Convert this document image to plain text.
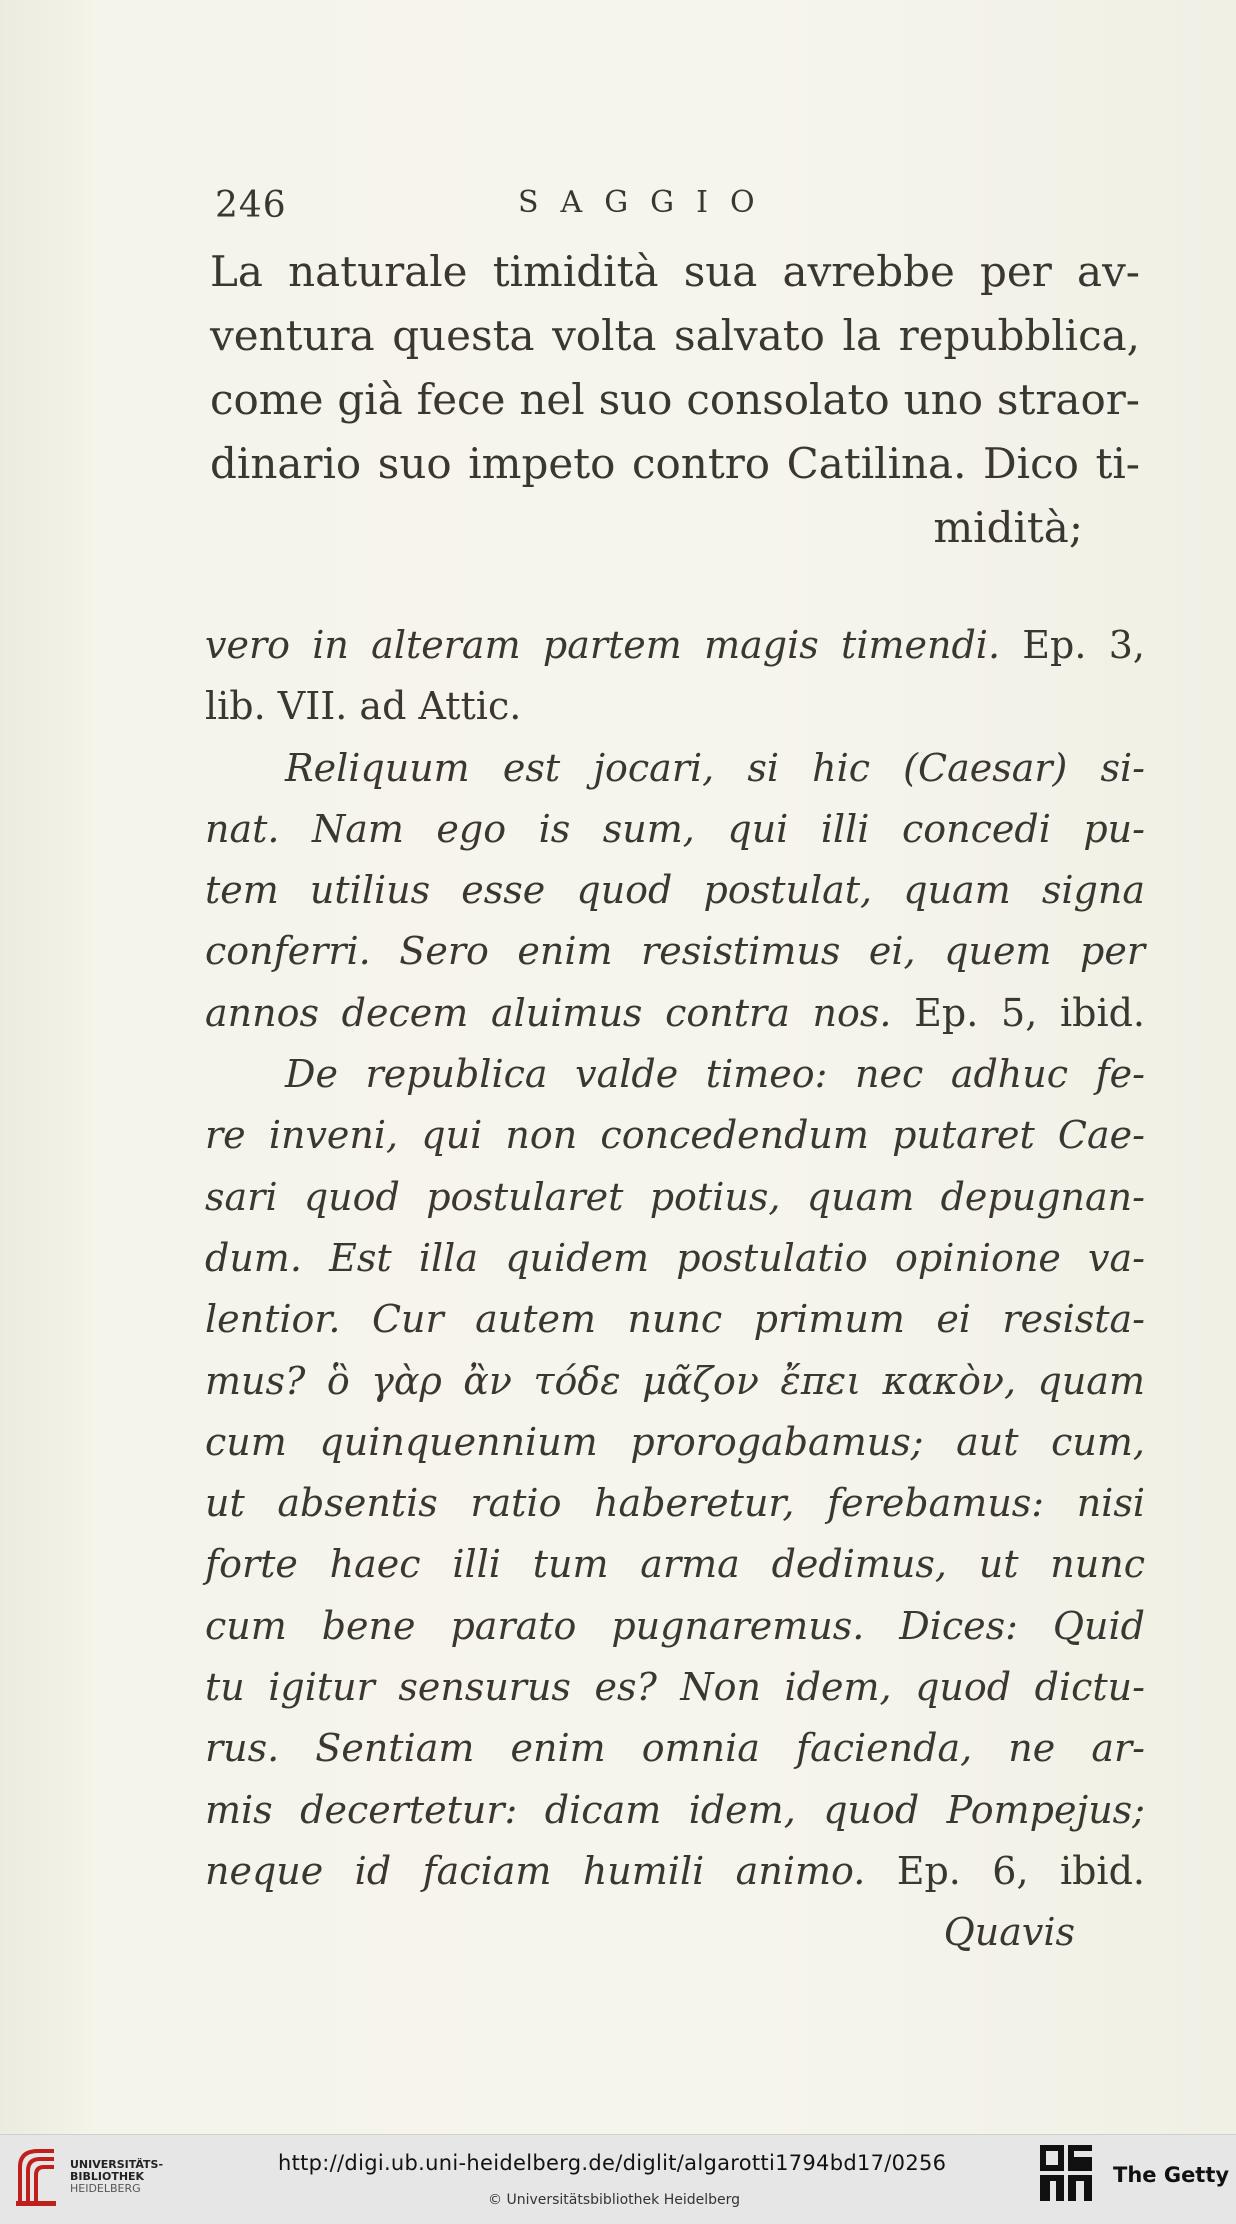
246	SAGGIO
La naturale timidità sua avrebbe per av-
ventura questa volta salvato la repubblica,
come già fece nel suo consolato uno straor-
dinario suo impeto contro Catilina. Dico ti-
midità;
vero in alteram partem magis timendi. Ep. 3,
lib. VII. ad Attic.
Reliquum est jocari, si hic (Caesar) si-
nat. Nam ego is sum, qui illi concedi pu-
tem utilius esse quod postulat, quam signa
conferri. Sero enim resistimus ei, quem per
annos decem aluimus contra nos. Ep. 5, ibid.
De republica valde timeo: nec adhuc fe-
re inveni, qui non concedendum putaret Cae-
sari quod postularet potius, quam depugnan-
dum. Est illa quidem postulatio opinione va-
lentior. Cur autem nunc primum ei resista-
mus? ὃ γὰρ ἂν τόδε μᾶζον ἔπει κακὸν, quam
cum quinquennium prorogabamus; aut cum,
ut absentis ratio haberetur, ferebamus: nisi
forte haec illi tum arma dedimus, ut nunc
cum bene parato pugnaremus. Dices: Quid
tu igitur sensurus es? Non idem, quod dictu-
rus. Sentiam enim omnia facienda, ne ar-
mis decertetur: dicam idem, quod Pompejus;
neque id faciam humili animo. Ep. 6, ibid.
Quavis
UNIVERSITÄTS-
BIBLIOTHEK
HEIDELBERG
http://digi.ub.uni-heidelberg.de/diglit/algarotti1794bd17/0256
© Universitätsbibliothek Heidelberg
The Getty
